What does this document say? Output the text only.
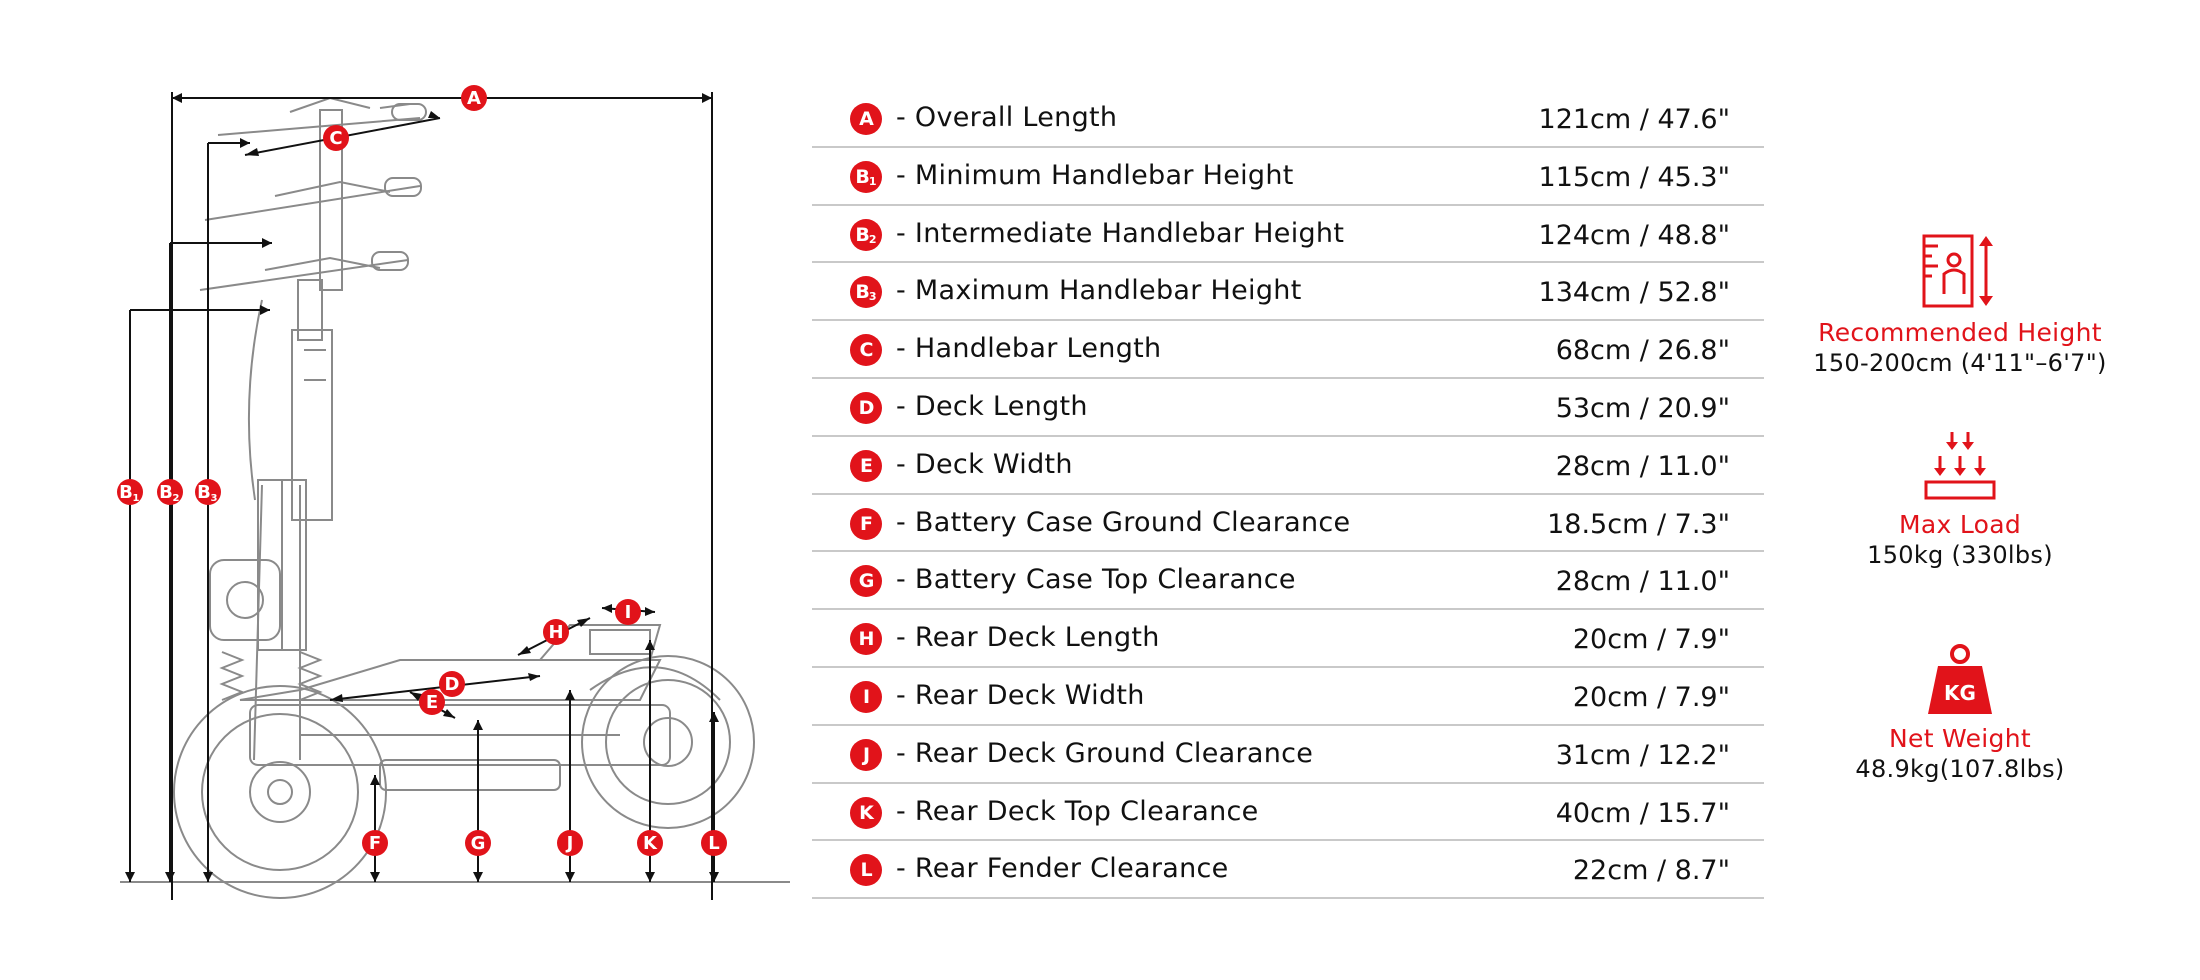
A
C
B 1 B 2 B 3
D
E
H
I
F	G	J	K	L
A - Overall Length	121cm / 47.6"
$B_1$ - Minimum Handlebar Height	115cm / 45.3"
$B_2$ - Intermediate Handlebar Height	124cm / 48.8"
$B_3$ - Maximum Handlebar Height	134cm / 52.8"
C - Handlebar Length	68cm / 26.8"
D - Deck Length	53cm / 20.9"
E - Deck Width	28cm / 11.0"
F - Battery Case Ground Clearance	18.5cm / 7.3"
G - Battery Case Top Clearance	28cm / 11.0"
H - Rear Deck Length	20cm / 7.9"
I - Rear Deck Width	20cm / 7.9"
J - Rear Deck Ground Clearance	31cm / 12.2"
K - Rear Deck Top Clearance	40cm / 15.7"
L - Rear Fender Clearance	22cm / 8.7"
Recommended Height
150-200cm (4'11"–6'7")
Max Load
150kg (330lbs)
KG
Net Weight
48.9kg(107.8lbs)
